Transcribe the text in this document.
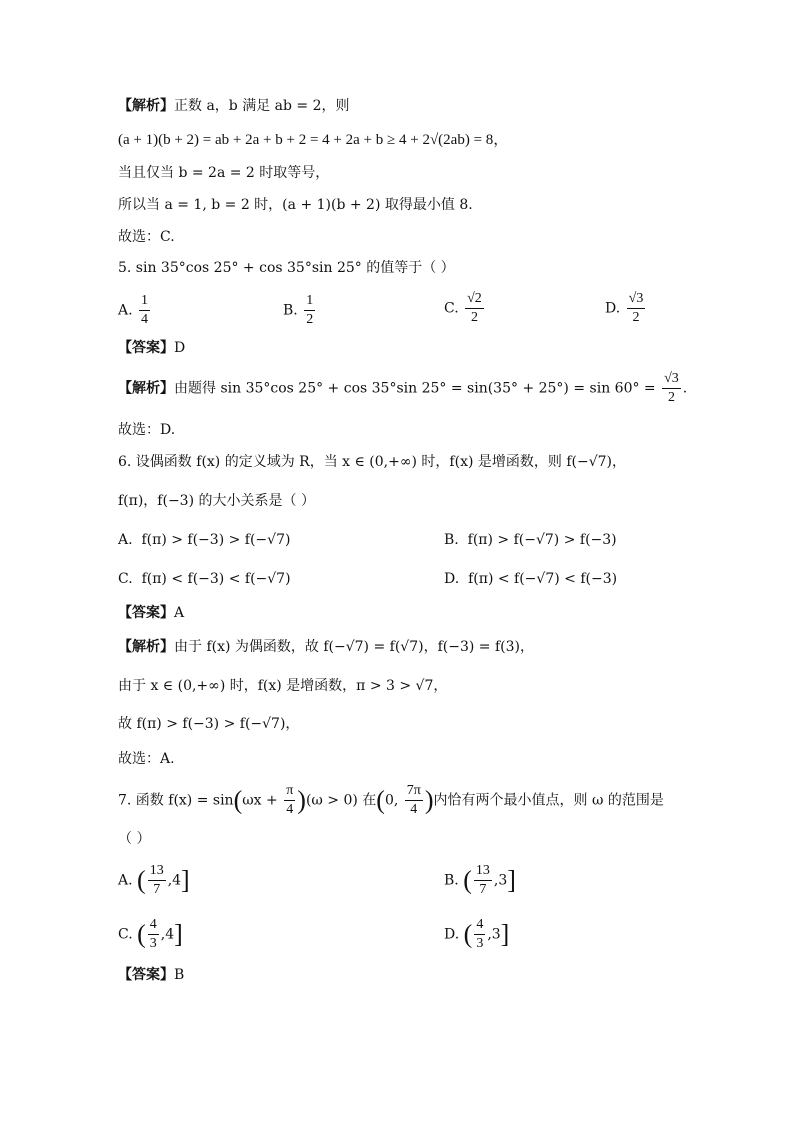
【解析】正数 a，b 满足 ab = 2，则
(a + 1)(b + 2) = ab + 2a + b + 2 = 4 + 2a + b ≥ 4 + 2√(2ab) = 8，
当且仅当 b = 2a = 2 时取等号，
所以当 a = 1, b = 2 时，(a + 1)(b + 2) 取得最小值 8.
故选：C.
5. sin 35°cos 25° + cos 35°sin 25° 的值等于（ ）
A. $\frac{1}{4}$	B. $\frac{1}{2}$	C. $\frac{√2}{2}$	D. $\frac{√3}{2}$
【答案】D
【解析】由题得 sin 35°cos 25° + cos 35°sin $25^\circ = \sin(35^\circ + 25^\circ) = \sin 60^\circ = \frac{√3}{2}$ .
故选：D.
6. 设偶函数 f(x) 的定义域为 R，当 x ∈ (0,+∞) 时，f(x) 是增函数，则 f(−√7)，
f(π)，f(−3) 的大小关系是（ ）
A. f(π) > f(−3) > f(−√7)	B. f(π) > f(−√7) > f(−3)
C. f(π) < f(−3) < f(−√7)	D. f(π) < f(−√7) < f(−3)
【答案】A
【解析】由于 f(x) 为偶函数，故 f(−√7) = f(√7)，f(−3) = f(3)，
由于 x ∈ (0,+∞) 时，f(x) 是增函数，π > 3 > √7，
故 f(π) > f(−3) > f(−√7)，
故选：A.
7. 函数 $f(x) = \sin(\omega x + \frac{\pi}{4} )(\omega > 0)$ 在(0, $\frac{7\pi}{4}$ )内恰有两个最小值点，则 ω 的范围是
（ ）
A. ( $\frac{13}{7} ,4$]	B. ( $\frac{13}{7} ,3$]
C. ( $\frac{4}{3} ,4$]	D. ( $\frac{4}{3} ,3$]
【答案】B
